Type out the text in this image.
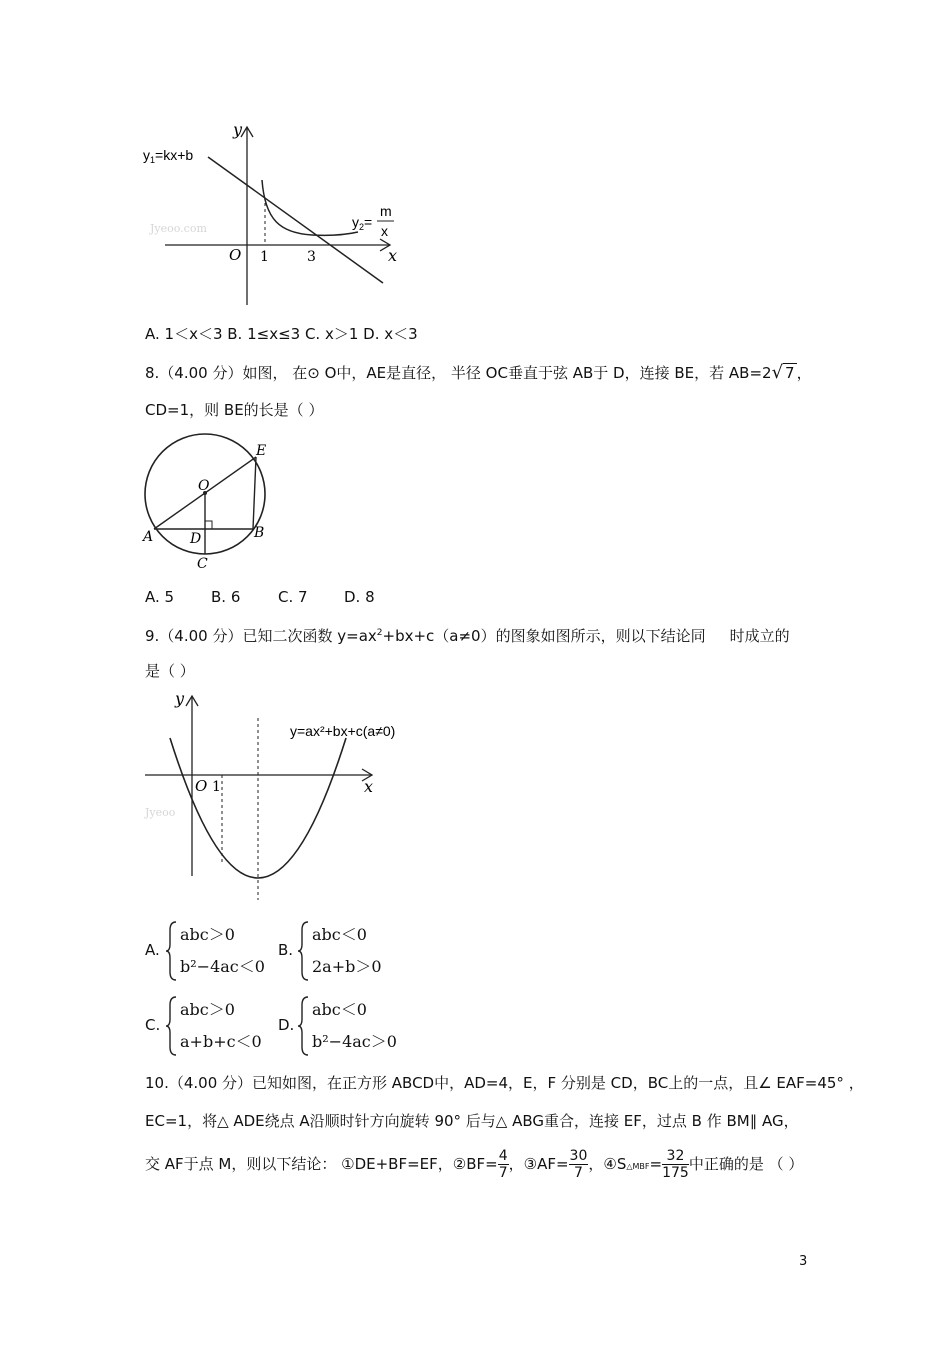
Jyeoo.com
y
x
O 1	3
$y_1=kx+b$
$y_2=$
m
x
A. 1＜x＜3 B. 1≤x≤3 C. x＞1 D. x＜3
8.（4.00 分）如图， 在⊙ O中，AE是直径， 半径 OC垂直于弦 AB于 D，连接 BE，若 AB=2√ 7 ，
CD=1，则 BE的长是（ ）
E
O
A	D	B
C
A. 5 B. 6	C. 7 D. 8
9.（4.00 分）已知二次函数 $y=ax^2+bx+c(a\ne 0)$的图象如图所示，则以下结论同 时成立的
是（ ）
y
x
O 1
y=ax²+bx+c(a≠0)
Jyeoo
A.
abc＞0
b²−4ac＜0
B.
abc＜0
2a+b＞0
C.
abc＞0
a+b+c＜0
D.
abc＜0
b²−4ac＞0
10.（4.00 分）已知如图，在正方形 ABCD中，AD=4，E，F 分别是 CD，BC上的一点，且∠ EAF=45° ，
EC=1，将△ ADE绕点 A沿顺时针方向旋转 90° 后与△ ABG重合，连接 EF，过点 B 作 BM∥ AG，
交 AF于点 M，则以下结论： ①DE+BF=EF，②BF= $\frac{4}{7}$ ，③AF= $\frac{30}{7}$ ，④S△MBF= $\frac{32}{175}$ 中正确的是 （ ）
3
